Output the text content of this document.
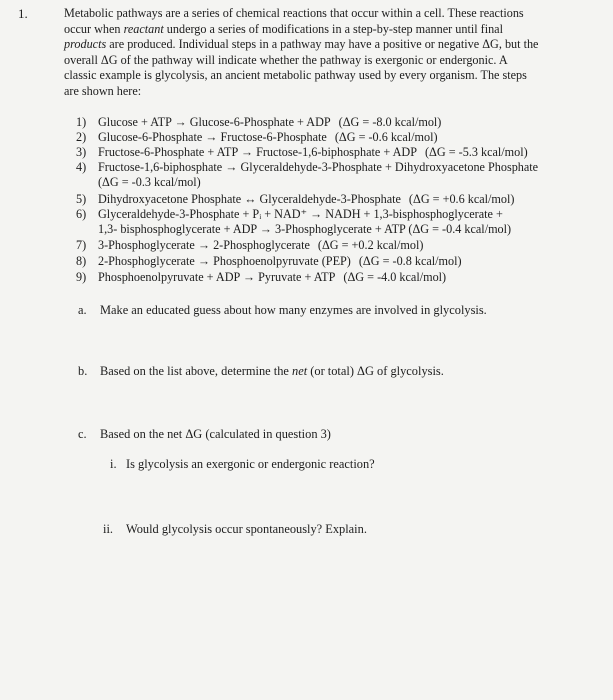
1.	Metabolic pathways are a series of chemical reactions that occur within a cell. These reactions
occur when reactant undergo a series of modifications in a step-by-step manner until final
products are produced. Individual steps in a pathway may have a positive or negative ΔG, but the
overall ΔG of the pathway will indicate whether the pathway is exergonic or endergonic. A
classic example is glycolysis, an ancient metabolic pathway used by every organism. The steps
are shown here:
1) Glucose + ATP → Glucose-6-Phosphate + ADP (ΔG = -8.0 kcal/mol)
2) Glucose-6-Phosphate → Fructose-6-Phosphate (ΔG = -0.6 kcal/mol)
3) Fructose-6-Phosphate + ATP → Fructose-1,6-biphosphate + ADP (ΔG = -5.3 kcal/mol)
4) Fructose-1,6-biphosphate → Glyceraldehyde-3-Phosphate + Dihydroxyacetone Phosphate
(ΔG = -0.3 kcal/mol)
5) Dihydroxyacetone Phosphate ↔ Glyceraldehyde-3-Phosphate (ΔG = +0.6 kcal/mol)
6) Glyceraldehyde-3-Phosphate + Pᵢ + NAD⁺ → NADH + 1,3-bisphosphoglycerate +
1,3- bisphosphoglycerate + ADP → 3-Phosphoglycerate + ATP (ΔG = -0.4 kcal/mol)
7) 3-Phosphoglycerate → 2-Phosphoglycerate (ΔG = +0.2 kcal/mol)
8) 2-Phosphoglycerate → Phosphoenolpyruvate (PEP) (ΔG = -0.8 kcal/mol)
9) Phosphoenolpyruvate + ADP → Pyruvate + ATP (ΔG = -4.0 kcal/mol)
a. Make an educated guess about how many enzymes are involved in glycolysis.
b. Based on the list above, determine the net (or total) ΔG of glycolysis.
c. Based on the net ΔG (calculated in question 3)
i. Is glycolysis an exergonic or endergonic reaction?
ii. Would glycolysis occur spontaneously? Explain.
